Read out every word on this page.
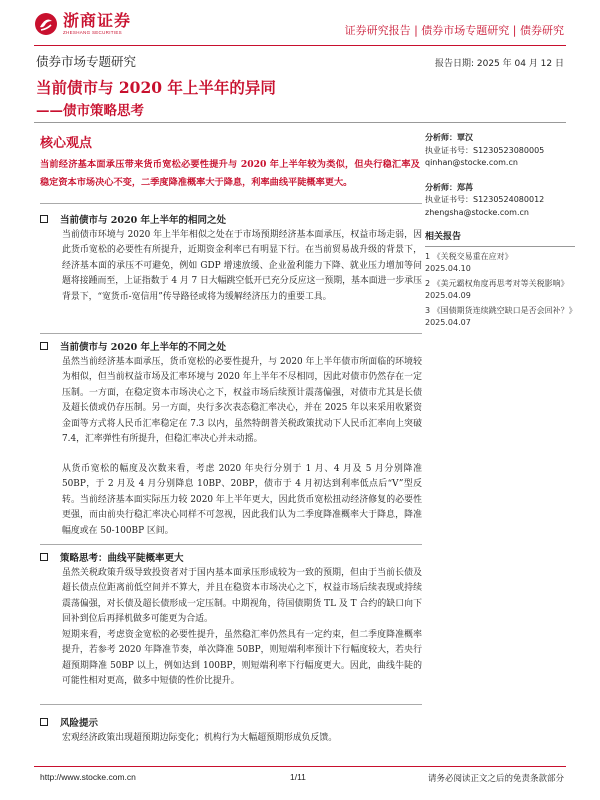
浙商证券
ZHESHANG SECURITIES	证券研究报告 | 债券市场专题研究 | 债券研究
债券市场专题研究	报告日期: 2025 年 04 月 12 日
当前债市与 2020 年上半年的异同
——债市策略思考
核心观点
当前经济基本面承压带来货币宽松必要性提升与 2020 年上半年较为类似，但央行稳汇率及稳定资本市场决心不变，二季度降准概率大于降息，利率曲线平陡概率更大。
分析师：覃汉
执业证书号：S1230523080005
qinhan@stocke.com.cn
分析师：郑苒
执业证书号：S1230524080012
zhengsha@stocke.com.cn
相关报告
1 《关税交易重在应对》
2025.04.10
2 《美元霸权角度再思考对等关税影响》
2025.04.09
3 《国债期货连续跳空缺口是否会回补？》
2025.04.07
当前债市与 2020 年上半年的相同之处
当前债市环境与 2020 年上半年相似之处在于市场预期经济基本面承压，权益市场走弱，因此货币宽松的必要性有所提升，近期资金利率已有明显下行。在当前贸易战升级的背景下，经济基本面的承压不可避免，例如 GDP 增速放缓、企业盈利能力下降、就业压力增加等问题将接踵而至，上证指数于 4 月 7 日大幅跳空低开已充分反应这一预期，基本面进一步承压背景下，“宽货币-宽信用”传导路径或将为缓解经济压力的重要工具。
当前债市与 2020 年上半年的不同之处
虽然当前经济基本面承压，货币宽松的必要性提升，与 2020 年上半年债市所面临的环境较为相似，但当前权益市场及汇率环境与 2020 年上半年不尽相同，因此对债市仍然存在一定压制。一方面，在稳定资本市场决心之下，权益市场后续预计震荡偏强，对债市尤其是长债及超长债或仍存压制。另一方面，央行多次表态稳汇率决心，并在 2025 年以来采用收紧资金面等方式将人民币汇率稳定在 7.3 以内，虽然特朗普关税政策扰动下人民币汇率向上突破 7.4，汇率弹性有所提升，但稳汇率决心并未动摇。
从货币宽松的幅度及次数来看，考虑 2020 年央行分别于 1 月、4 月及 5 月分别降准 50BP，于 2 月及 4 月分别降息 10BP、20BP，债市于 4 月初达到利率低点后“V”型反转。当前经济基本面实际压力较 2020 年上半年更大，因此货币宽松扭动经济修复的必要性更强，而由前央行稳汇率决心同样不可忽视，因此我们认为二季度降准概率大于降息，降准幅度或在 50-100BP 区间。
策略思考：曲线平陡概率更大
虽然关税政策升级导致投资者对于国内基本面承压形成较为一致的预期，但由于当前长债及超长债点位距离前低空间并不算大，并且在稳资本市场决心之下，权益市场后续表现或持续震荡偏强，对长债及超长债形成一定压制。中期视角，待国债期货 TL 及 T 合约的缺口向下回补到位后再择机做多可能更为合适。
短期来看，考虑资金宽松的必要性提升，虽然稳汇率仍然具有一定约束，但二季度降准概率提升，若参考 2020 年降准节奏，单次降准 50BP，则短端利率预计下行幅度较大，若央行超预期降准 50BP 以上，例如达到 100BP，则短端利率下行幅度更大。因此，曲线牛陡的可能性相对更高，做多中短债的性价比提升。
风险提示
宏观经济政策出现超预期边际变化；机构行为大幅超预期形成负反馈。
http://www.stocke.com.cn	1/11	请务必阅读正文之后的免责条款部分
